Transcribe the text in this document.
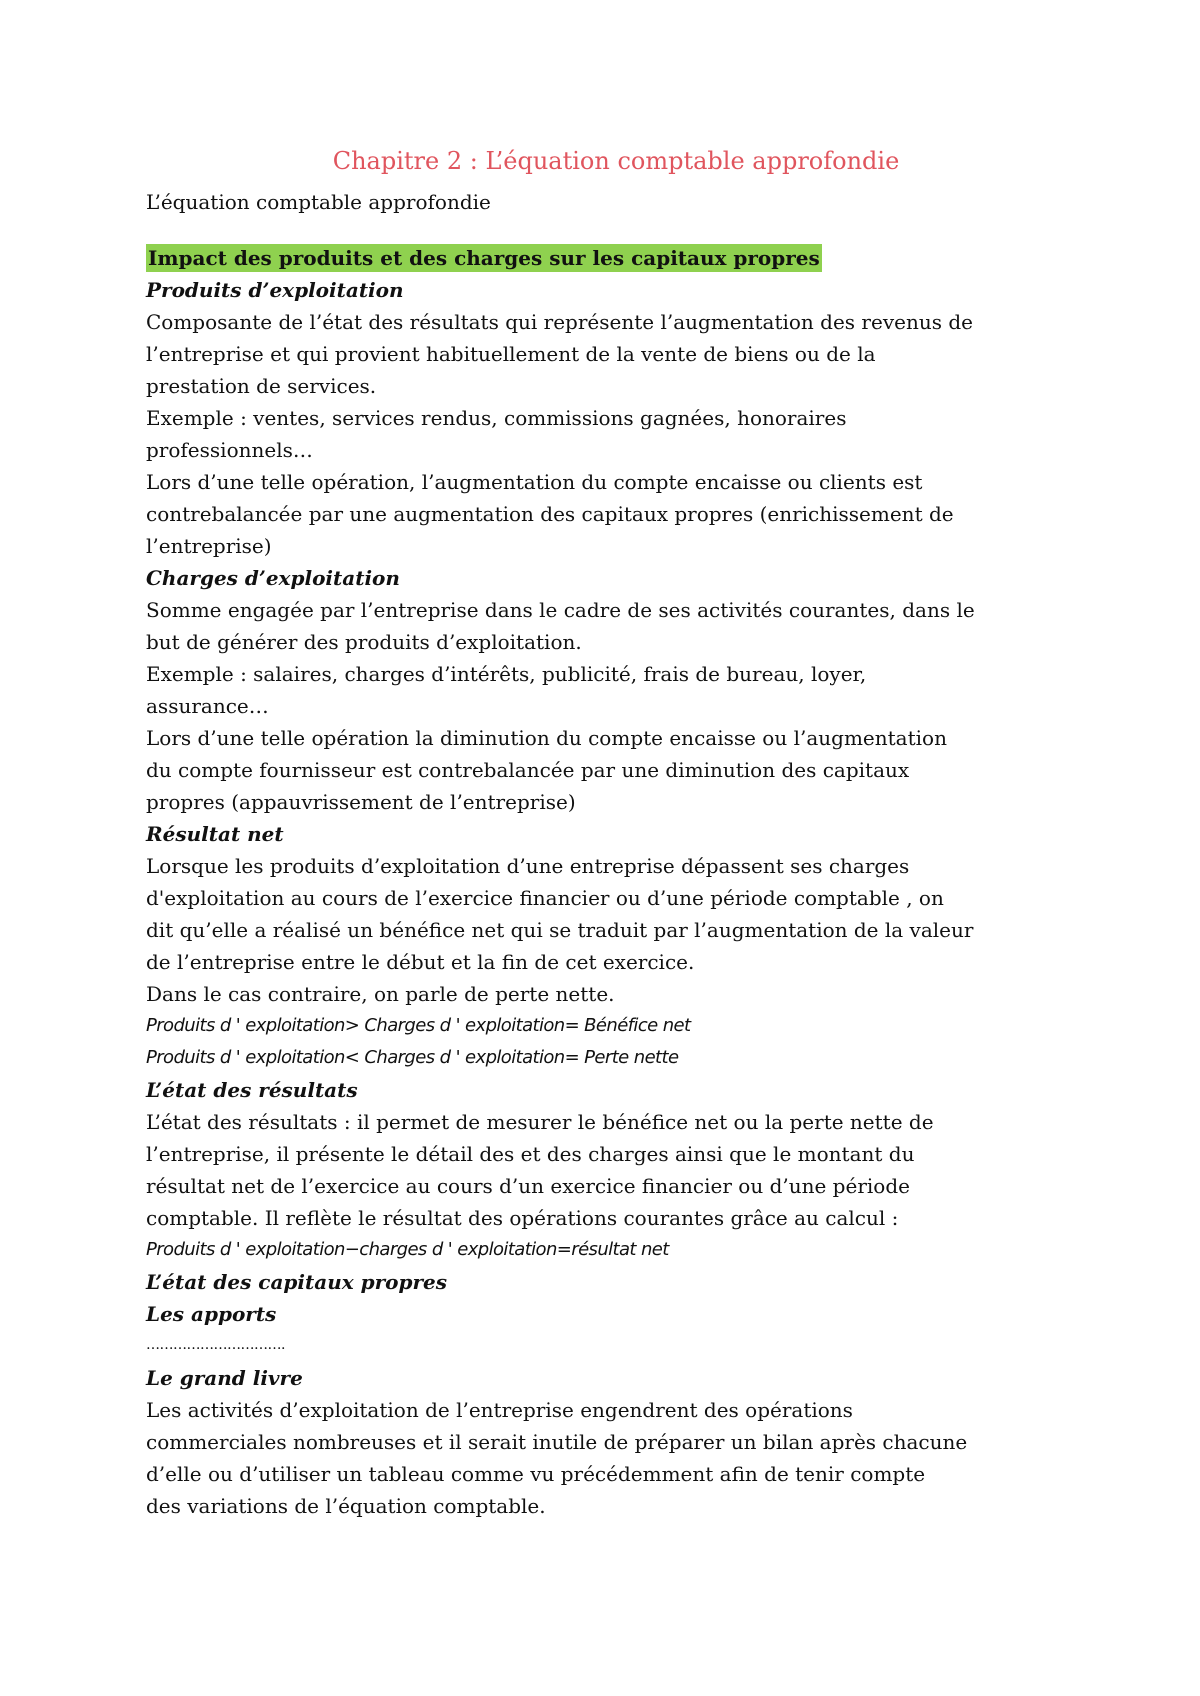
Chapitre 2 : L’équation comptable approfondie

L’équation comptable approfondie

Impact des produits et des charges sur les capitaux propres

Produits d’exploitation

Composante de l’état des résultats qui représente l’augmentation des revenus de

l’entreprise et qui provient habituellement de la vente de biens ou de la

prestation de services.

Exemple : ventes, services rendus, commissions gagnées, honoraires

professionnels…

Lors d’une telle opération, l’augmentation du compte encaisse ou clients est

contrebalancée par une augmentation des capitaux propres (enrichissement de

l’entreprise)

Charges d’exploitation

Somme engagée par l’entreprise dans le cadre de ses activités courantes, dans le

but de générer des produits d’exploitation.

Exemple : salaires, charges d’intérêts, publicité, frais de bureau, loyer,

assurance…

Lors d’une telle opération la diminution du compte encaisse ou l’augmentation

du compte fournisseur est contrebalancée par une diminution des capitaux

propres (appauvrissement de l’entreprise)

Résultat net

Lorsque les produits d’exploitation d’une entreprise dépassent ses charges

d'exploitation au cours de l’exercice financier ou d’une période comptable , on

dit qu’elle a réalisé un bénéfice net qui se traduit par l’augmentation de la valeur

de l’entreprise entre le début et la fin de cet exercice.

Dans le cas contraire, on parle de perte nette.

Produits d ' exploitation> Charges d ' exploitation= Bénéfice net

Produits d ' exploitation< Charges d ' exploitation= Perte nette

L’état des résultats

L’état des résultats : il permet de mesurer le bénéfice net ou la perte nette de

l’entreprise, il présente le détail des et des charges ainsi que le montant du

résultat net de l’exercice au cours d’un exercice financier ou d’une période

comptable. Il reflète le résultat des opérations courantes grâce au calcul :

Produits d ' exploitation−charges d ' exploitation=résultat net

L’état des capitaux propres

Les apports

………………………….

Le grand livre

Les activités d’exploitation de l’entreprise engendrent des opérations

commerciales nombreuses et il serait inutile de préparer un bilan après chacune

d’elle ou d’utiliser un tableau comme vu précédemment afin de tenir compte

des variations de l’équation comptable.
